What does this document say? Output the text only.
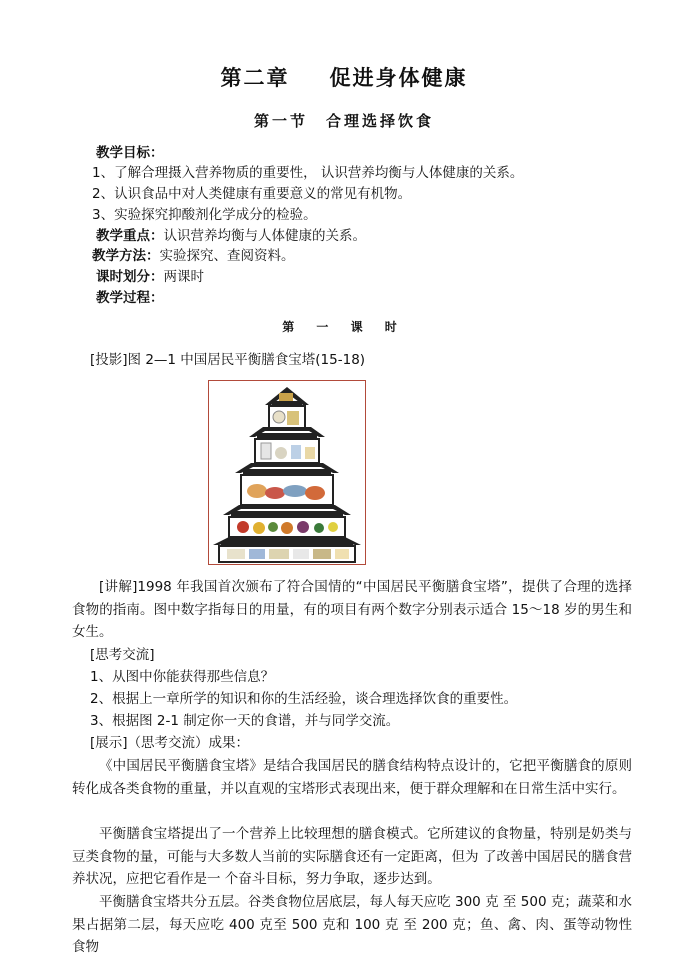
第二章 促进身体健康
第一节 合理选择饮食
教学目标：
1、了解合理摄入营养物质的重要性， 认识营养均衡与人体健康的关系。
2、认识食品中对人类健康有重要意义的常见有机物。
3、实验探究抑酸剂化学成分的检验。
教学重点：认识营养均衡与人体健康的关系。
教学方法：实验探究、查阅资料。
课时划分：两课时
教学过程：
第 一 课 时
[投影]图 2—1 中国居民平衡膳食宝塔(15-18)
[讲解]1998 年我国首次颁布了符合国情的“中国居民平衡膳食宝塔”，提供了合理的选择食物的指南。图中数字指每日的用量，有的项目有两个数字分别表示适合 15～18 岁的男生和女生。
[思考交流]
1、从图中你能获得那些信息？
2、根据上一章所学的知识和你的生活经验，谈合理选择饮食的重要性。
3、根据图 2-1 制定你一天的食谱，并与同学交流。
[展示]（思考交流）成果：
《中国居民平衡膳食宝塔》是结合我国居民的膳食结构特点设计的，它把平衡膳食的原则转化成各类食物的重量，并以直观的宝塔形式表现出来，便于群众理解和在日常生活中实行。
平衡膳食宝塔提出了一个营养上比较理想的膳食模式。它所建议的食物量，特别是奶类与豆类食物的量，可能与大多数人当前的实际膳食还有一定距离，但为 了改善中国居民的膳食营养状况，应把它看作是一 个奋斗目标，努力争取，逐步达到。
平衡膳食宝塔共分五层。谷类食物位居底层，每人每天应吃 300 克 至 500 克；蔬菜和水果占据第二层，每天应吃 400 克至 500 克和 100 克 至 200 克；鱼、禽、肉、蛋等动物性食物
